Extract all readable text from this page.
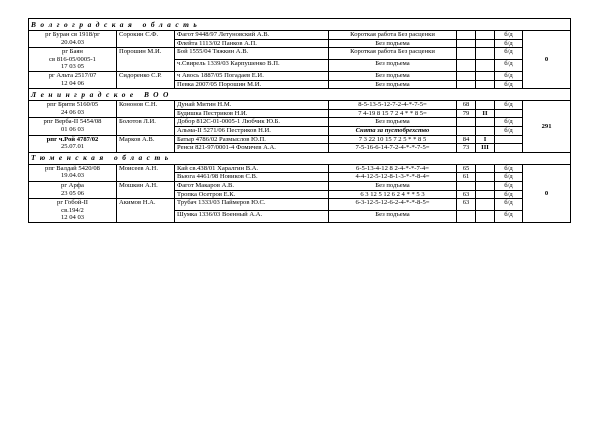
Волгоградская область							

рг Буран св 1918/рг
20.04.03	Сорокин С.Ф.	Фагот 9448/97 Летуновский А.В.	Короткая работа Без расценки			б/д	0
		Флейта 1113/02 Панков А.П.	Без подъема			б/д	

рг Баян
св 816-05/0005-1
17 03 05	Порошин М.И.	Бой 1555/04 Тяжкин А.В.	Короткая работа Без расценки			б/д	
		ч.Свирель 1339/03 Карпушенко В.П.	Без подъема			б/д	

рг Альта 2517/07
12 04 06	Сидоренко С.Р.	ч Авось 1887/05 Погадаев Е.И.	Без подъема			б/д	
		Певка 2007/05 Порошин М.И.	Без подъема			б/д	
Ленинградское ВОО							

рпг Брити 5160/05
24 06 03	Кононов С.Н.	Дунай Митин Н.М.	8-5-13-5-12-7-2-4-*-7-5=	68		б/д	291
		Будишка Пестриков Н.И.	7 4-19 8 15 7 2 4 * * 8 5=	79	II		

рпг Верба-II 5454/08
01 06 03	Болотов Л.И.	Добор 812С-01-0005-1 Любчик Ю.Б.	Без подъема			б/д	
		Альма-II 5271/06 Пестриков Н.И.	Снята за пустобрехство			б/д	

рпг ч.Рой 4787/02
25.07.01	Марков А.В.	Батыр 4786/02 Размыслов Ю.П.	7 3 22 10 15 7 2 5 * * 8 5	84	I		
		Ренси 821-97/0001-4 Фомичев А.А.	7-5-16-6-14-7-2-4-*-*-7-5=	73	III		
Тюменская область							

рпг Валдай 5420/08
19.04.03	Моисеев А.Н.	Кай св.438/01 Харалгин В.А.	6-5-13-4-12 8 2-4-*-*-7-4=	65		б/д	0
		Вьюга 4461/98 Новиков С.В.	4-4-12-5-12-8-1-3-*-*-8-4=	61		б/д	

рг Арфа
23 05 06	Мошкин А.Н.	Фагот Макаров А.В.	Без подъема			б/д	
		Тропка Осетров Е.К.	6 3 12 5 12 6 2 4 * * 5 3	63		б/д	

рг Гобой-II
св.194/2
12 04 03	Акимов Н.А.	Трубач 1333/03 Паймеров Ю.С.	6-3-12-5-12-6-2-4-*-*-8-5=	63		б/д	
		Шумка 1336/03 Военный А.А.	Без подъема			б/д	
